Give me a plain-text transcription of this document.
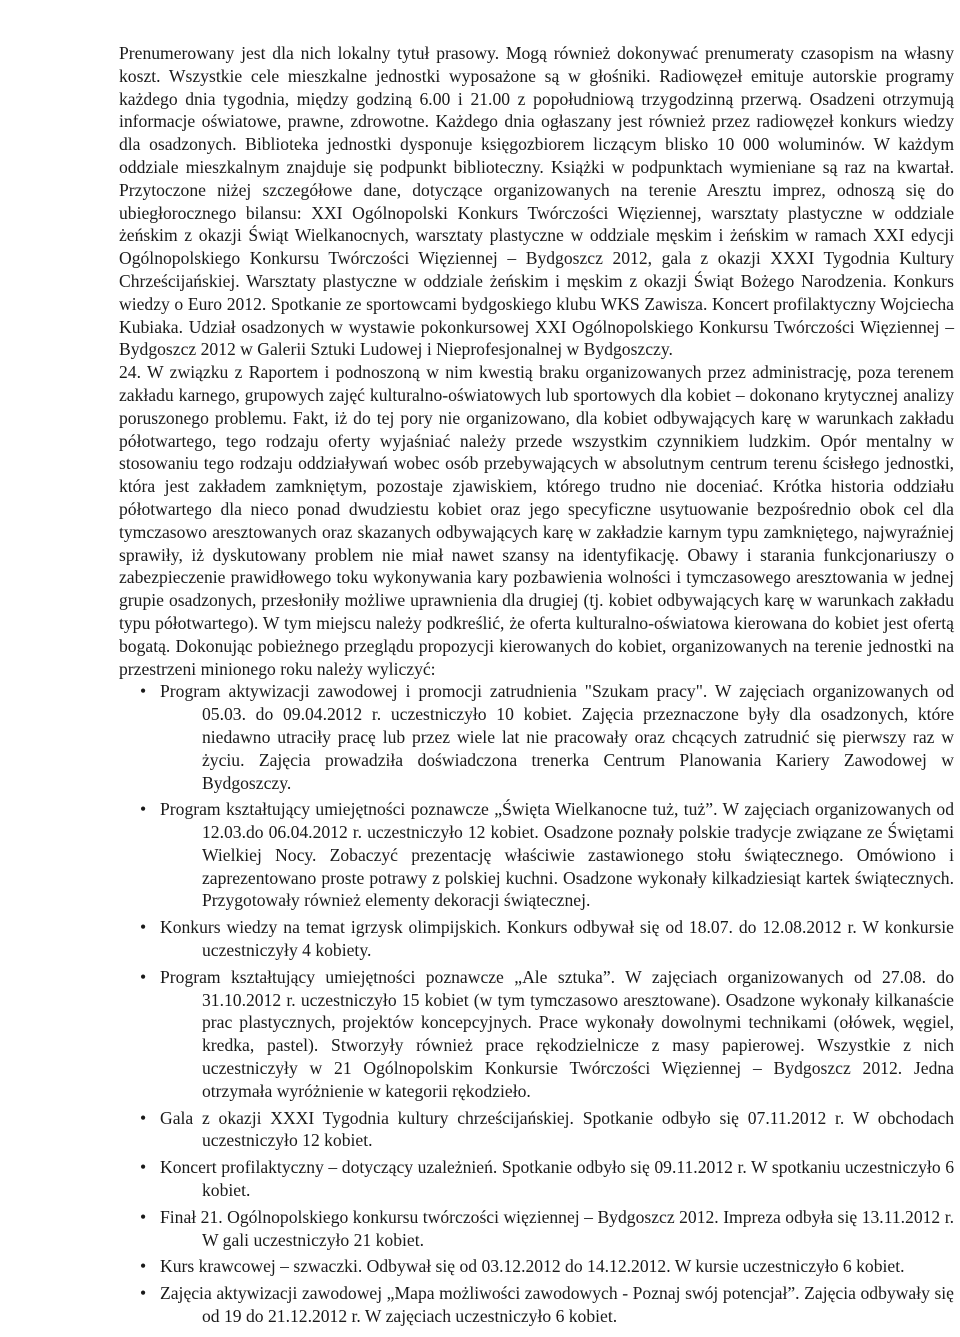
Prenumerowany jest dla nich lokalny tytuł prasowy. Mogą również dokonywać prenumeraty czasopism na własny koszt. Wszystkie cele mieszkalne jednostki wyposażone są w głośniki. Radiowęzeł emituje autorskie programy każdego dnia tygodnia, między godziną 6.00 i 21.00 z popołudniową trzygodzinną przerwą. Osadzeni otrzymują informacje oświatowe, prawne, zdrowotne. Każdego dnia ogłaszany jest również przez radiowęzeł konkurs wiedzy dla osadzonych. Biblioteka jednostki dysponuje księgozbiorem liczącym blisko 10 000 woluminów. W każdym oddziale mieszkalnym znajduje się podpunkt biblioteczny. Książki w podpunktach wymieniane są raz na kwartał. Przytoczone niżej szczegółowe dane, dotyczące organizowanych na terenie Aresztu imprez, odnoszą się do ubiegłorocznego bilansu: XXI Ogólnopolski Konkurs Twórczości Więziennej, warsztaty plastyczne w oddziale żeńskim z okazji Świąt Wielkanocnych, warsztaty plastyczne w oddziale męskim i żeńskim w ramach XXI edycji Ogólnopolskiego Konkursu Twórczości Więziennej – Bydgoszcz 2012, gala z okazji XXXI Tygodnia Kultury Chrześcijańskiej. Warsztaty plastyczne w oddziale żeńskim i męskim z okazji Świąt Bożego Narodzenia. Konkurs wiedzy o Euro 2012. Spotkanie ze sportowcami bydgoskiego klubu WKS Zawisza. Koncert profilaktyczny Wojciecha Kubiaka. Udział osadzonych w wystawie pokonkursowej XXI Ogólnopolskiego Konkursu Twórczości Więziennej – Bydgoszcz 2012 w Galerii Sztuki Ludowej i Nieprofesjonalnej w Bydgoszczy.

24. W związku z Raportem i podnoszoną w nim kwestią braku organizowanych przez administrację, poza terenem zakładu karnego, grupowych zajęć kulturalno-oświatowych lub sportowych dla kobiet – dokonano krytycznej analizy poruszonego problemu. Fakt, iż do tej pory nie organizowano, dla kobiet odbywających karę w warunkach zakładu półotwartego, tego rodzaju oferty wyjaśniać należy przede wszystkim czynnikiem ludzkim. Opór mentalny w stosowaniu tego rodzaju oddziaływań wobec osób przebywających w absolutnym centrum terenu ścisłego jednostki, która jest zakładem zamkniętym, pozostaje zjawiskiem, którego trudno nie doceniać. Krótka historia oddziału półotwartego dla nieco ponad dwudziestu kobiet oraz jego specyficzne usytuowanie bezpośrednio obok cel dla tymczasowo aresztowanych oraz skazanych odbywających karę w zakładzie karnym typu zamkniętego, najwyraźniej sprawiły, iż dyskutowany problem nie miał nawet szansy na identyfikację. Obawy i starania funkcjonariuszy o zabezpieczenie prawidłowego toku wykonywania kary pozbawienia wolności i tymczasowego aresztowania w jednej grupie osadzonych, przesłoniły możliwe uprawnienia dla drugiej (tj. kobiet odbywających karę w warunkach zakładu typu półotwartego). W tym miejscu należy podkreślić, że oferta kulturalno-oświatowa kierowana do kobiet jest ofertą bogatą. Dokonując pobieżnego przeglądu propozycji kierowanych do kobiet, organizowanych na terenie jednostki na przestrzeni minionego roku należy wyliczyć:

• Program aktywizacji zawodowej i promocji zatrudnienia "Szukam pracy". W zajęciach organizowanych od 05.03. do 09.04.2012 r. uczestniczyło 10 kobiet. Zajęcia przeznaczone były dla osadzonych, które niedawno utraciły pracę lub przez wiele lat nie pracowały oraz chcących zatrudnić się pierwszy raz w życiu. Zajęcia prowadziła doświadczona trenerka Centrum Planowania Kariery Zawodowej w Bydgoszczy.
• Program kształtujący umiejętności poznawcze „Święta Wielkanocne tuż, tuż”. W zajęciach organizowanych od 12.03.do 06.04.2012 r. uczestniczyło 12 kobiet. Osadzone poznały polskie tradycje związane ze Świętami Wielkiej Nocy. Zobaczyć prezentację właściwie zastawionego stołu świątecznego. Omówiono i zaprezentowano proste potrawy z polskiej kuchni. Osadzone wykonały kilkadziesiąt kartek świątecznych. Przygotowały również elementy dekoracji świątecznej.
• Konkurs wiedzy na temat igrzysk olimpijskich. Konkurs odbywał się od 18.07. do 12.08.2012 r. W konkursie uczestniczyły 4 kobiety.
• Program kształtujący umiejętności poznawcze „Ale sztuka”. W zajęciach organizowanych od 27.08. do 31.10.2012 r. uczestniczyło 15 kobiet (w tym tymczasowo aresztowane). Osadzone wykonały kilkanaście prac plastycznych, projektów koncepcyjnych. Prace wykonały dowolnymi technikami (ołówek, węgiel, kredka, pastel). Stworzyły również prace rękodzielnicze z masy papierowej. Wszystkie z nich uczestniczyły w 21 Ogólnopolskim Konkursie Twórczości Więziennej – Bydgoszcz 2012. Jedna otrzymała wyróżnienie w kategorii rękodzieło.
• Gala z okazji XXXI Tygodnia kultury chrześcijańskiej. Spotkanie odbyło się 07.11.2012 r. W obchodach uczestniczyło 12 kobiet.
• Koncert profilaktyczny – dotyczący uzależnień. Spotkanie odbyło się 09.11.2012 r. W spotkaniu uczestniczyło 6 kobiet.
• Finał 21. Ogólnopolskiego konkursu twórczości więziennej – Bydgoszcz 2012. Impreza odbyła się 13.11.2012 r. W gali uczestniczyło 21 kobiet.
• Kurs krawcowej – szwaczki. Odbywał się od 03.12.2012 do 14.12.2012. W kursie uczestniczyło 6 kobiet.
• Zajęcia aktywizacji zawodowej „Mapa możliwości zawodowych - Poznaj swój potencjał”. Zajęcia odbywały się od 19 do 21.12.2012 r. W zajęciach uczestniczyło 6 kobiet.
